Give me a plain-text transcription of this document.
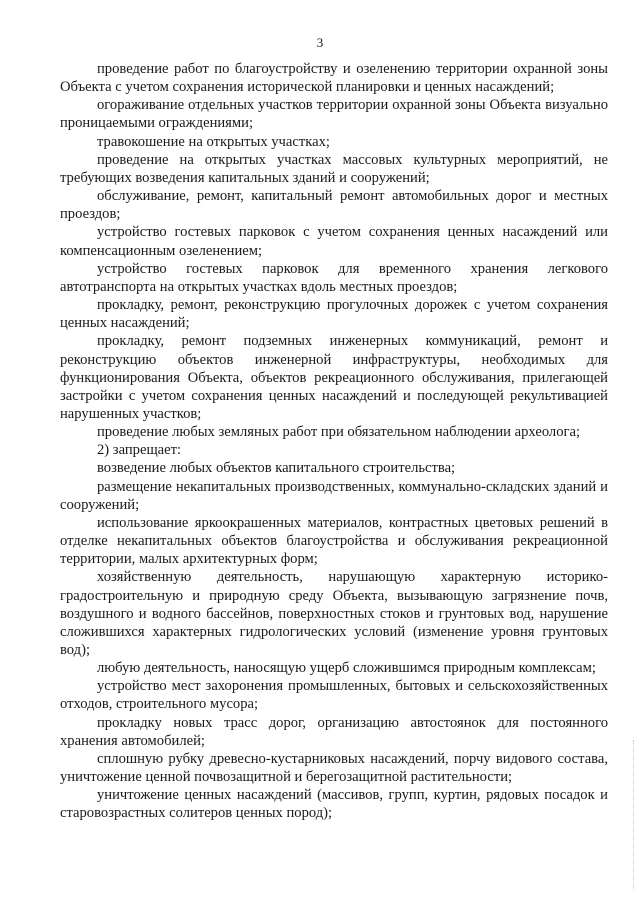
3

проведение работ по благоустройству и озеленению территории охранной зоны Объекта с учетом сохранения исторической планировки и ценных насаждений;

огораживание отдельных участков территории охранной зоны Объекта визуально проницаемыми ограждениями;

травокошение на открытых участках;

проведение на открытых участках массовых культурных мероприятий, не требующих возведения капитальных зданий и сооружений;

обслуживание, ремонт, капитальный ремонт автомобильных дорог и местных проездов;

устройство гостевых парковок с учетом сохранения ценных насаждений или компенсационным озеленением;

устройство гостевых парковок для временного хранения легкового автотранспорта на открытых участках вдоль местных проездов;

прокладку, ремонт, реконструкцию прогулочных дорожек с учетом сохранения ценных насаждений;

прокладку, ремонт подземных инженерных коммуникаций, ремонт и реконструкцию объектов инженерной инфраструктуры, необходимых для функционирования Объекта, объектов рекреационного обслуживания, прилегающей застройки с учетом сохранения ценных насаждений и последующей рекультивацией нарушенных участков;

проведение любых земляных работ при обязательном наблюдении археолога;

2) запрещает:

возведение любых объектов капитального строительства;

размещение некапитальных производственных, коммунально-складских зданий и сооружений;

использование яркоокрашенных материалов, контрастных цветовых решений в отделке некапитальных объектов благоустройства и обслуживания рекреационной территории, малых архитектурных форм;

хозяйственную деятельность, нарушающую характерную историко-градостроительную и природную среду Объекта, вызывающую загрязнение почв, воздушного и водного бассейнов, поверхностных стоков и грунтовых вод, нарушение сложившихся характерных гидрологических условий (изменение уровня грунтовых вод);

любую деятельность, наносящую ущерб сложившимся природным комплексам;

устройство мест захоронения промышленных, бытовых и сельскохозяйственных отходов, строительного мусора;

прокладку новых трасс дорог, организацию автостоянок для постоянного хранения автомобилей;

сплошную рубку древесно-кустарниковых насаждений, порчу видового состава, уничтожение ценной почвозащитной и берегозащитной растительности;

уничтожение ценных насаждений (массивов, групп, куртин, рядовых посадок и старовозрастных солитеров ценных пород);
